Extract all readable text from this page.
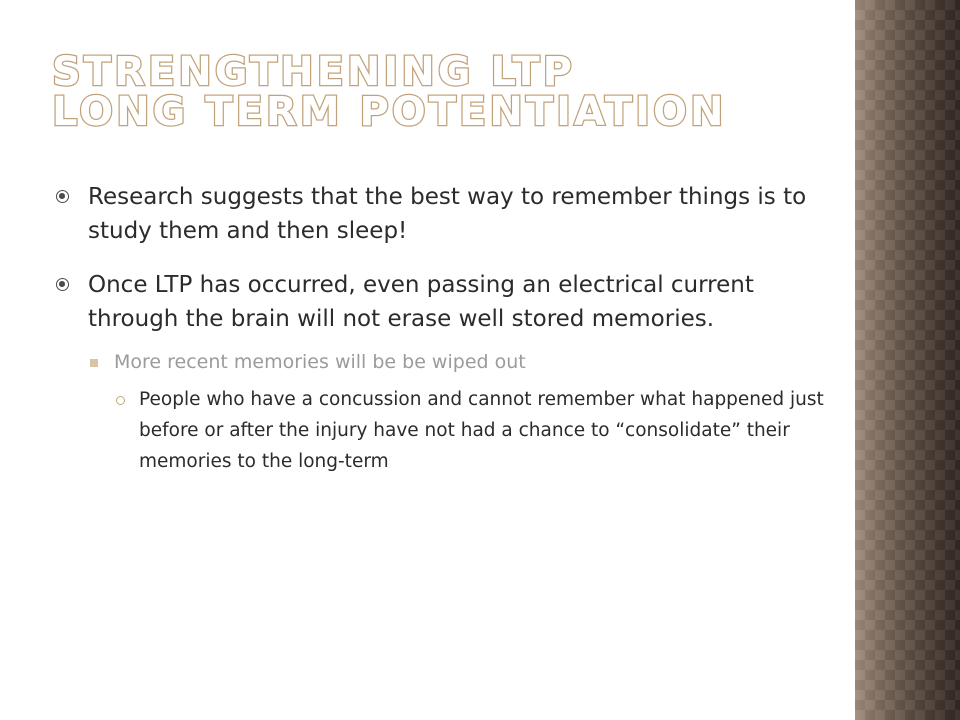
STRENGTHENING LTP
LONG TERM POTENTIATION
Research suggests that the best way to remember things is to study them and then sleep!
Once LTP has occurred, even passing an electrical current through the brain will not erase well stored memories.
More recent memories will be be wiped out
People who have a concussion and cannot remember what happened just before or after the injury have not had a chance to “consolidate” their memories to the long-term
